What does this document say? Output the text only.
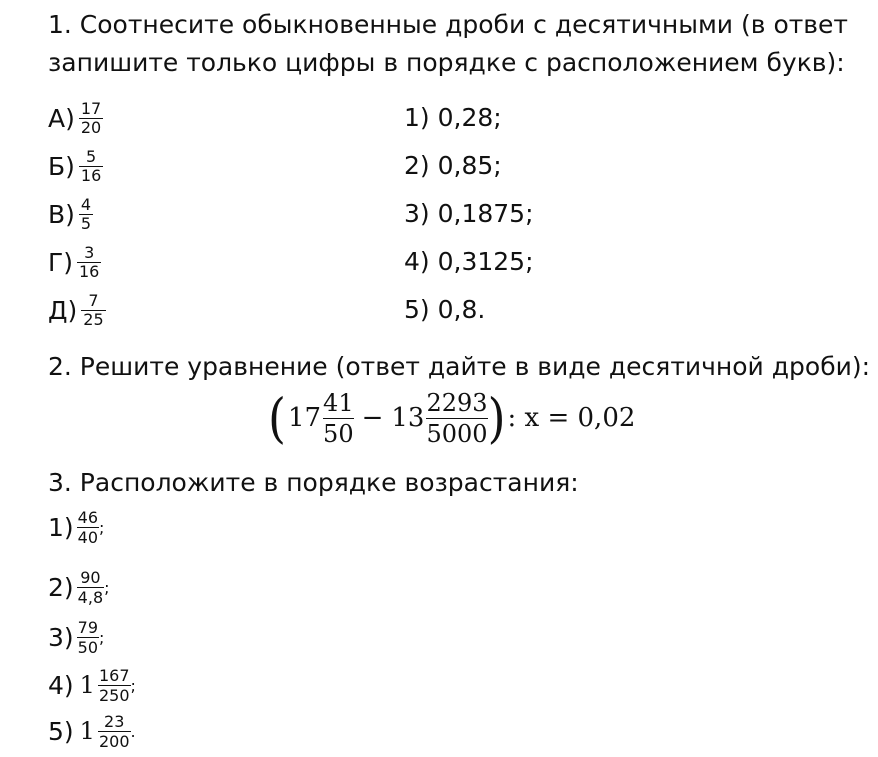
1. Соотнесите обыкновенные дроби с десятичными (в ответ
запишите только цифры в порядке с расположением букв):
$А) \frac{17}{20}$
$Б) \frac{5}{16}$
$В) \frac{4}{5}$
$Г) \frac{3}{16}$
$Д) \frac{7}{25}$
1) 0,28;
2) 0,85;
3) 0,1875;
4) 0,3125;
5) 0,8.
2. Решите уравнение (ответ дайте в виде десятичной дроби):
( $17 \frac{41}{50} - 13 \frac{2293}{5000}$ ) : x = 0,02
3. Расположите в порядке возрастания:
$1) \frac{46}{40}$ ;
$2) \frac{90}{4,8}$ ;
$3) \frac{79}{50}$ ;
4) $1 \frac{167}{250}$ ;
5) $1 \frac{23}{200}$ .
